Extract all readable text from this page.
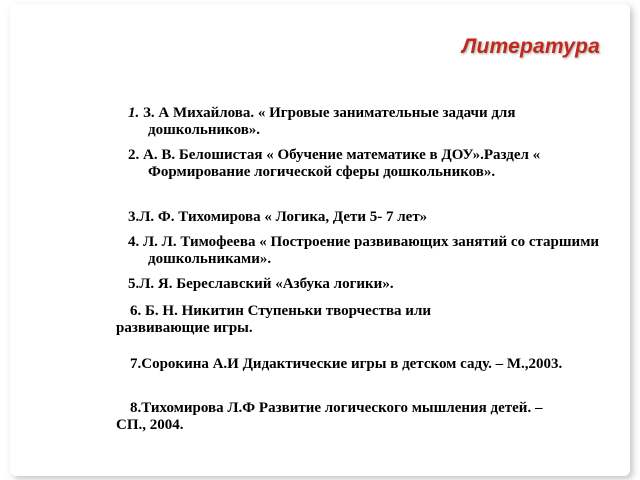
Литература

1. З. А Михайлова. « Игровые занимательные задачи для дошкольников».

2. А. В. Белошистая « Обучение математике в ДОУ».Раздел « Формирование логической сферы дошкольников».

3.Л. Ф. Тихомирова « Логика, Дети 5- 7 лет»

4. Л. Л. Тимофеева « Построение развивающих занятий со старшими дошкольниками».

5.Л. Я. Береславский «Азбука логики».

6. Б. Н. Никитин Ступеньки творчества или развивающие игры.

7.Сорокина А.И Дидактические игры в детском саду. – М.,2003.

8.Тихомирова Л.Ф Развитие логического мышления детей. – СП., 2004.
